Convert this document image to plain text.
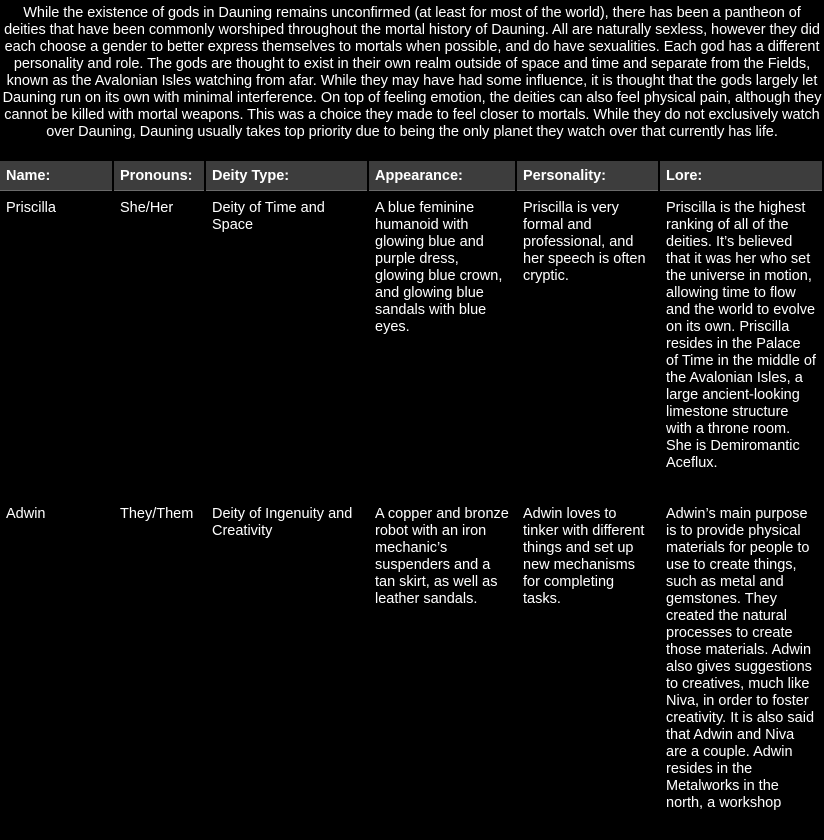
While the existence of gods in Dauning remains unconfirmed (at least for most of the world), there has been a pantheon of deities that have been commonly worshiped throughout the mortal history of Dauning. All are naturally sexless, however they did each choose a gender to better express themselves to mortals when possible, and do have sexualities. Each god has a different personality and role. The gods are thought to exist in their own realm outside of space and time and separate from the Fields, known as the Avalonian Isles watching from afar. While they may have had some influence, it is thought that the gods largely let Dauning run on its own with minimal interference. On top of feeling emotion, the deities can also feel physical pain, although they cannot be killed with mortal weapons. This was a choice they made to feel closer to mortals. While they do not exclusively watch over Dauning, Dauning usually takes top priority due to being the only planet they watch over that currently has life.
Name:	Pronouns:	Deity Type:	Appearance:	Personality:	Lore:
Priscilla	She/Her	Deity of Time and Space	A blue feminine humanoid with glowing blue and purple dress, glowing blue crown, and glowing blue sandals with blue eyes.	Priscilla is very formal and professional, and her speech is often cryptic.	Priscilla is the highest ranking of all of the deities. It’s believed that it was her who set the universe in motion, allowing time to flow and the world to evolve on its own. Priscilla resides in the Palace of Time in the middle of the Avalonian Isles, a large ancient-looking limestone structure with a throne room. She is Demiromantic Aceflux.
Adwin	They/Them	Deity of Ingenuity and Creativity	A copper and bronze robot with an iron mechanic’s suspenders and a tan skirt, as well as leather sandals.	Adwin loves to tinker with different things and set up new mechanisms for completing tasks.	Adwin’s main purpose is to provide physical materials for people to use to create things, such as metal and gemstones. They created the natural processes to create those materials. Adwin also gives suggestions to creatives, much like Niva, in order to foster creativity. It is also said that Adwin and Niva are a couple. Adwin resides in the Metalworks in the north, a workshop
